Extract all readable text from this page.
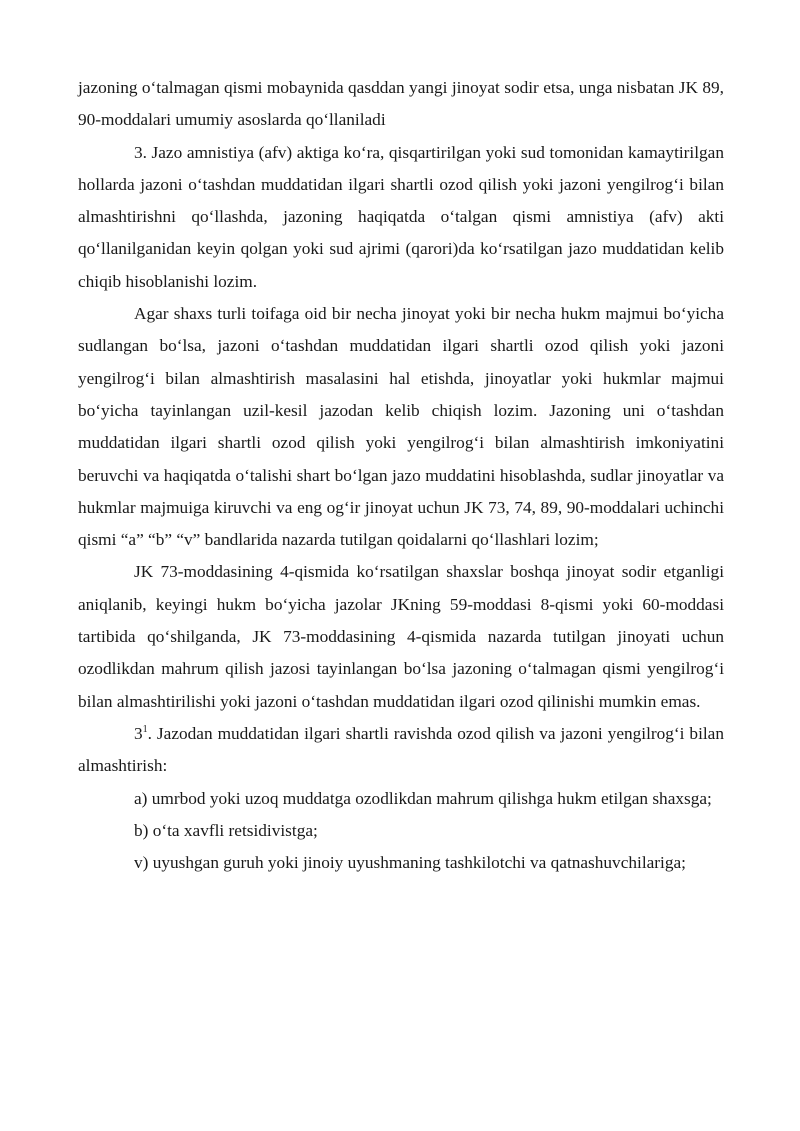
jazoning o‘talmagan qismi mobaynida qasddan yangi jinoyat sodir etsa, unga nisbatan JK 89, 90-moddalari umumiy asoslarda qo‘llaniladi

3. Jazo amnistiya (afv) aktiga ko‘ra, qisqartirilgan yoki sud tomonidan kamaytirilgan hollarda jazoni o‘tashdan muddatidan ilgari shartli ozod qilish yoki jazoni yengilrog‘i bilan almashtirishni qo‘llashda, jazoning haqiqatda o‘talgan qismi amnistiya (afv) akti qo‘llanilganidan keyin qolgan yoki sud ajrimi (qarori)da ko‘rsatilgan jazo muddatidan kelib chiqib hisoblanishi lozim.

Agar shaxs turli toifaga oid bir necha jinoyat yoki bir necha hukm majmui bo‘yicha sudlangan bo‘lsa, jazoni o‘tashdan muddatidan ilgari shartli ozod qilish yoki jazoni yengilrog‘i bilan almashtirish masalasini hal etishda, jinoyatlar yoki hukmlar majmui bo‘yicha tayinlangan uzil-kesil jazodan kelib chiqish lozim. Jazoning uni o‘tashdan muddatidan ilgari shartli ozod qilish yoki yengilrog‘i bilan almashtirish imkoniyatini beruvchi va haqiqatda o‘talishi shart bo‘lgan jazo muddatini hisoblashda, sudlar jinoyatlar va hukmlar majmuiga kiruvchi va eng og‘ir jinoyat uchun JK 73, 74, 89, 90-moddalari uchinchi qismi “a” “b” “v” bandlarida nazarda tutilgan qoidalarni qo‘llashlari lozim;

JK 73-moddasining 4-qismida ko‘rsatilgan shaxslar boshqa jinoyat sodir etganligi aniqlanib, keyingi hukm bo‘yicha jazolar JKning 59-moddasi 8-qismi yoki 60-moddasi tartibida qo‘shilganda, JK 73-moddasining 4-qismida nazarda tutilgan jinoyati uchun ozodlikdan mahrum qilish jazosi tayinlangan bo‘lsa jazoning o‘talmagan qismi yengilrog‘i bilan almashtirilishi yoki jazoni o‘tashdan muddatidan ilgari ozod qilinishi mumkin emas.

$3^1$. Jazodan muddatidan ilgari shartli ravishda ozod qilish va jazoni yengilrog‘i bilan almashtirish:

a) umrbod yoki uzoq muddatga ozodlikdan mahrum qilishga hukm etilgan shaxsga;

b) o‘ta xavfli retsidivistga;

v) uyushgan guruh yoki jinoiy uyushmaning tashkilotchi va qatnashuvchilariga;
